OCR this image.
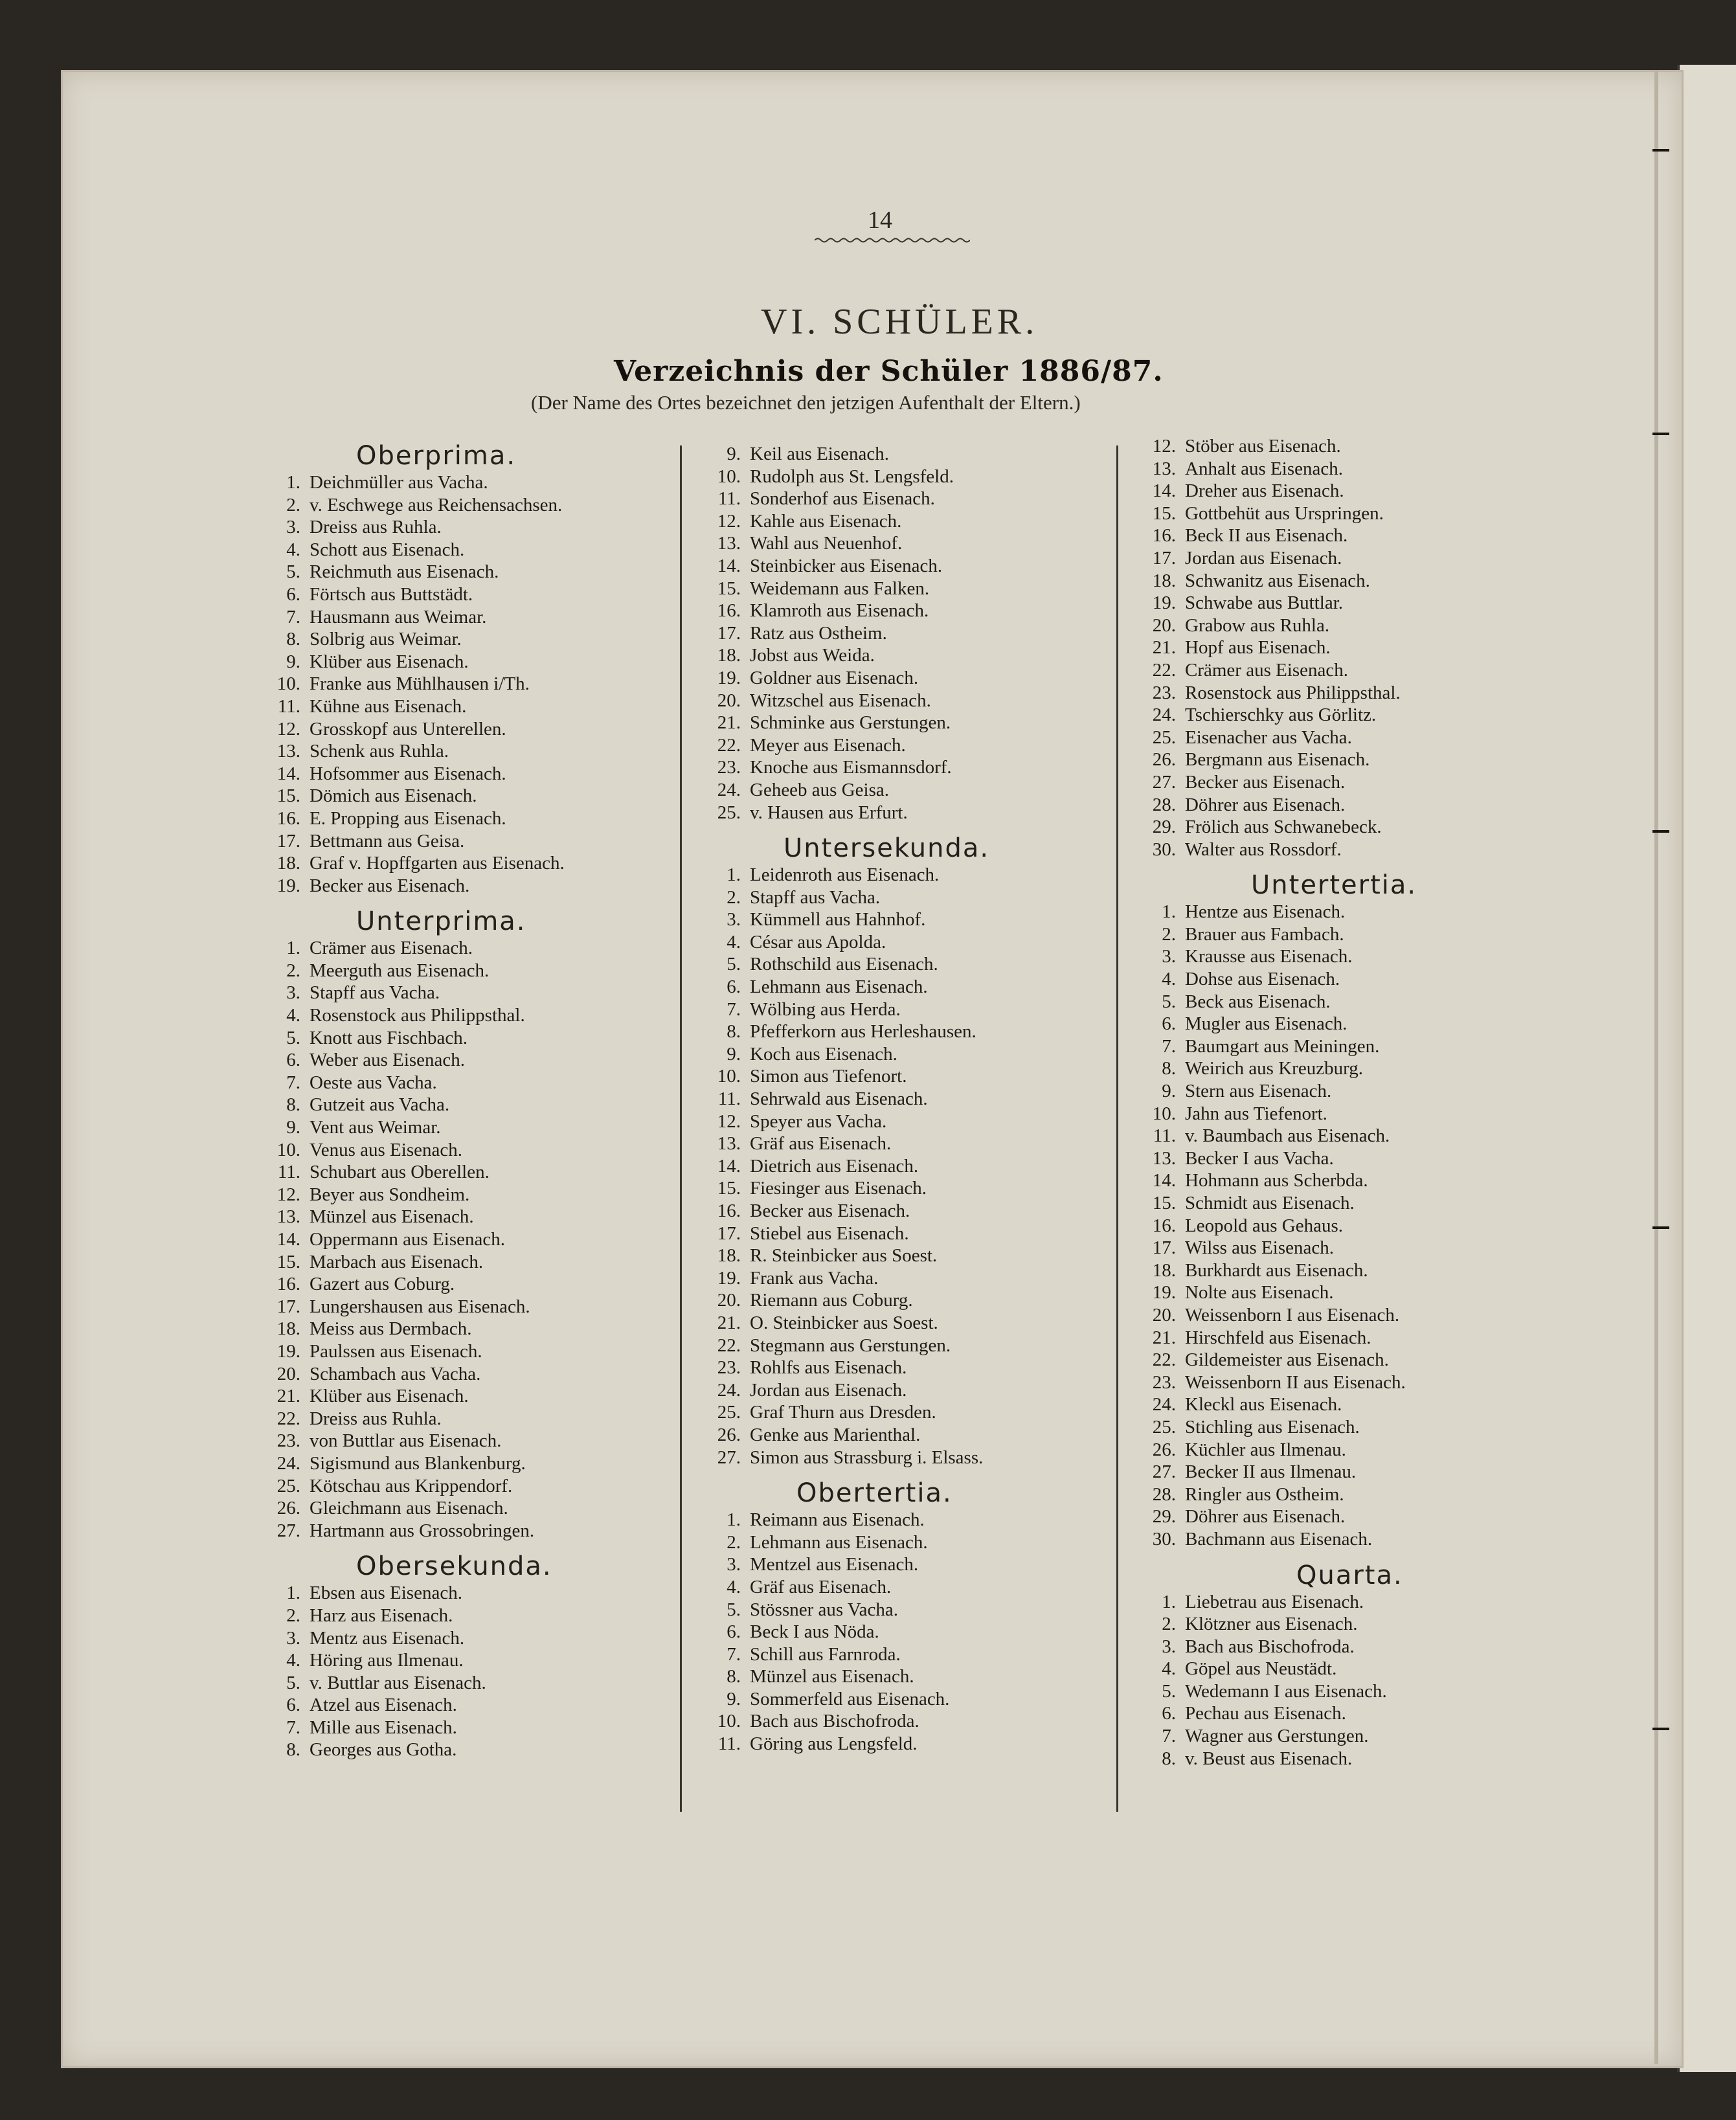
14
VI. SCHÜLER.
Verzeichnis der Schüler 1886/87.
(Der Name des Ortes bezeichnet den jetzigen Aufenthalt der Eltern.)
Oberprima.
1. Deichmüller aus Vacha.
2. v. Eschwege aus Reichensachsen.
3. Dreiss aus Ruhla.
4. Schott aus Eisenach.
5. Reichmuth aus Eisenach.
6. Förtsch aus Buttstädt.
7. Hausmann aus Weimar.
8. Solbrig aus Weimar.
9. Klüber aus Eisenach.
10. Franke aus Mühlhausen i/Th.
11. Kühne aus Eisenach.
12. Grosskopf aus Unterellen.
13. Schenk aus Ruhla.
14. Hofsommer aus Eisenach.
15. Dömich aus Eisenach.
16. E. Propping aus Eisenach.
17. Bettmann aus Geisa.
18. Graf v. Hopffgarten aus Eisenach.
19. Becker aus Eisenach.
Unterprima.
1. Crämer aus Eisenach.
2. Meerguth aus Eisenach.
3. Stapff aus Vacha.
4. Rosenstock aus Philippsthal.
5. Knott aus Fischbach.
6. Weber aus Eisenach.
7. Oeste aus Vacha.
8. Gutzeit aus Vacha.
9. Vent aus Weimar.
10. Venus aus Eisenach.
11. Schubart aus Oberellen.
12. Beyer aus Sondheim.
13. Münzel aus Eisenach.
14. Oppermann aus Eisenach.
15. Marbach aus Eisenach.
16. Gazert aus Coburg.
17. Lungershausen aus Eisenach.
18. Meiss aus Dermbach.
19. Paulssen aus Eisenach.
20. Schambach aus Vacha.
21. Klüber aus Eisenach.
22. Dreiss aus Ruhla.
23. von Buttlar aus Eisenach.
24. Sigismund aus Blankenburg.
25. Kötschau aus Krippendorf.
26. Gleichmann aus Eisenach.
27. Hartmann aus Grossobringen.
Obersekunda.
1. Ebsen aus Eisenach.
2. Harz aus Eisenach.
3. Mentz aus Eisenach.
4. Höring aus Ilmenau.
5. v. Buttlar aus Eisenach.
6. Atzel aus Eisenach.
7. Mille aus Eisenach.
8. Georges aus Gotha.
9. Keil aus Eisenach.
10. Rudolph aus St. Lengsfeld.
11. Sonderhof aus Eisenach.
12. Kahle aus Eisenach.
13. Wahl aus Neuenhof.
14. Steinbicker aus Eisenach.
15. Weidemann aus Falken.
16. Klamroth aus Eisenach.
17. Ratz aus Ostheim.
18. Jobst aus Weida.
19. Goldner aus Eisenach.
20. Witzschel aus Eisenach.
21. Schminke aus Gerstungen.
22. Meyer aus Eisenach.
23. Knoche aus Eismannsdorf.
24. Geheeb aus Geisa.
25. v. Hausen aus Erfurt.
Untersekunda.
1. Leidenroth aus Eisenach.
2. Stapff aus Vacha.
3. Kümmell aus Hahnhof.
4. César aus Apolda.
5. Rothschild aus Eisenach.
6. Lehmann aus Eisenach.
7. Wölbing aus Herda.
8. Pfefferkorn aus Herleshausen.
9. Koch aus Eisenach.
10. Simon aus Tiefenort.
11. Sehrwald aus Eisenach.
12. Speyer aus Vacha.
13. Gräf aus Eisenach.
14. Dietrich aus Eisenach.
15. Fiesinger aus Eisenach.
16. Becker aus Eisenach.
17. Stiebel aus Eisenach.
18. R. Steinbicker aus Soest.
19. Frank aus Vacha.
20. Riemann aus Coburg.
21. O. Steinbicker aus Soest.
22. Stegmann aus Gerstungen.
23. Rohlfs aus Eisenach.
24. Jordan aus Eisenach.
25. Graf Thurn aus Dresden.
26. Genke aus Marienthal.
27. Simon aus Strassburg i. Elsass.
Obertertia.
1. Reimann aus Eisenach.
2. Lehmann aus Eisenach.
3. Mentzel aus Eisenach.
4. Gräf aus Eisenach.
5. Stössner aus Vacha.
6. Beck I aus Nöda.
7. Schill aus Farnroda.
8. Münzel aus Eisenach.
9. Sommerfeld aus Eisenach.
10. Bach aus Bischofroda.
11. Göring aus Lengsfeld.
12. Stöber aus Eisenach.
13. Anhalt aus Eisenach.
14. Dreher aus Eisenach.
15. Gottbehüt aus Urspringen.
16. Beck II aus Eisenach.
17. Jordan aus Eisenach.
18. Schwanitz aus Eisenach.
19. Schwabe aus Buttlar.
20. Grabow aus Ruhla.
21. Hopf aus Eisenach.
22. Crämer aus Eisenach.
23. Rosenstock aus Philippsthal.
24. Tschierschky aus Görlitz.
25. Eisenacher aus Vacha.
26. Bergmann aus Eisenach.
27. Becker aus Eisenach.
28. Döhrer aus Eisenach.
29. Frölich aus Schwanebeck.
30. Walter aus Rossdorf.
Untertertia.
1. Hentze aus Eisenach.
2. Brauer aus Fambach.
3. Krausse aus Eisenach.
4. Dohse aus Eisenach.
5. Beck aus Eisenach.
6. Mugler aus Eisenach.
7. Baumgart aus Meiningen.
8. Weirich aus Kreuzburg.
9. Stern aus Eisenach.
10. Jahn aus Tiefenort.
11. v. Baumbach aus Eisenach.
13. Becker I aus Vacha.
14. Hohmann aus Scherbda.
15. Schmidt aus Eisenach.
16. Leopold aus Gehaus.
17. Wilss aus Eisenach.
18. Burkhardt aus Eisenach.
19. Nolte aus Eisenach.
20. Weissenborn I aus Eisenach.
21. Hirschfeld aus Eisenach.
22. Gildemeister aus Eisenach.
23. Weissenborn II aus Eisenach.
24. Kleckl aus Eisenach.
25. Stichling aus Eisenach.
26. Küchler aus Ilmenau.
27. Becker II aus Ilmenau.
28. Ringler aus Ostheim.
29. Döhrer aus Eisenach.
30. Bachmann aus Eisenach.
Quarta.
1. Liebetrau aus Eisenach.
2. Klötzner aus Eisenach.
3. Bach aus Bischofroda.
4. Göpel aus Neustädt.
5. Wedemann I aus Eisenach.
6. Pechau aus Eisenach.
7. Wagner aus Gerstungen.
8. v. Beust aus Eisenach.
